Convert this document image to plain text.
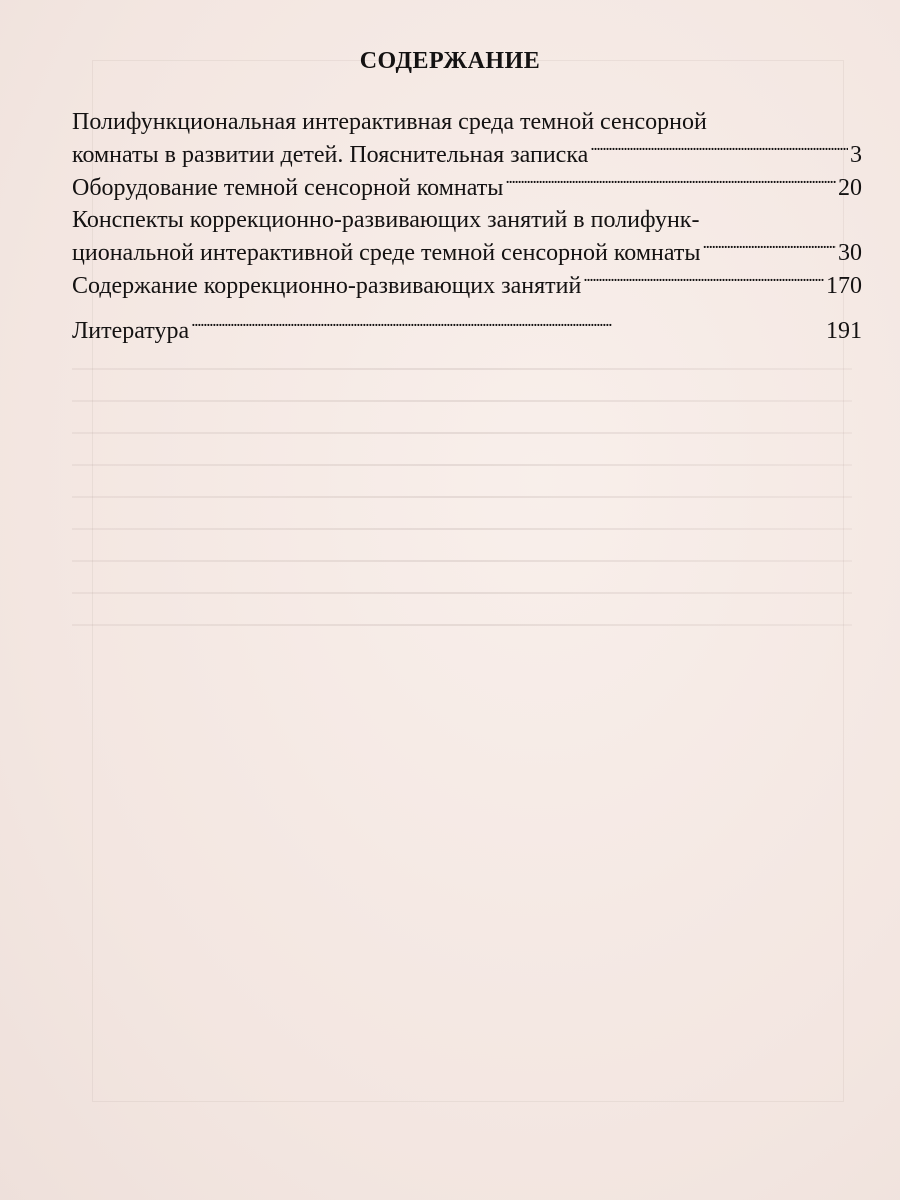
СОДЕРЖАНИЕ
Полифункциональная интерактивная среда темной сенсорной
комнаты в развитии детей. Пояснительная записка . . .	3
Оборудование темной сенсорной комнаты . . .	20
Конспекты коррекционно-развивающих занятий в полифунк-
циональной интерактивной среде темной сенсорной комнаты . . .	30
Содержание коррекционно-развивающих занятий . . .	170
Литература . . .	191
